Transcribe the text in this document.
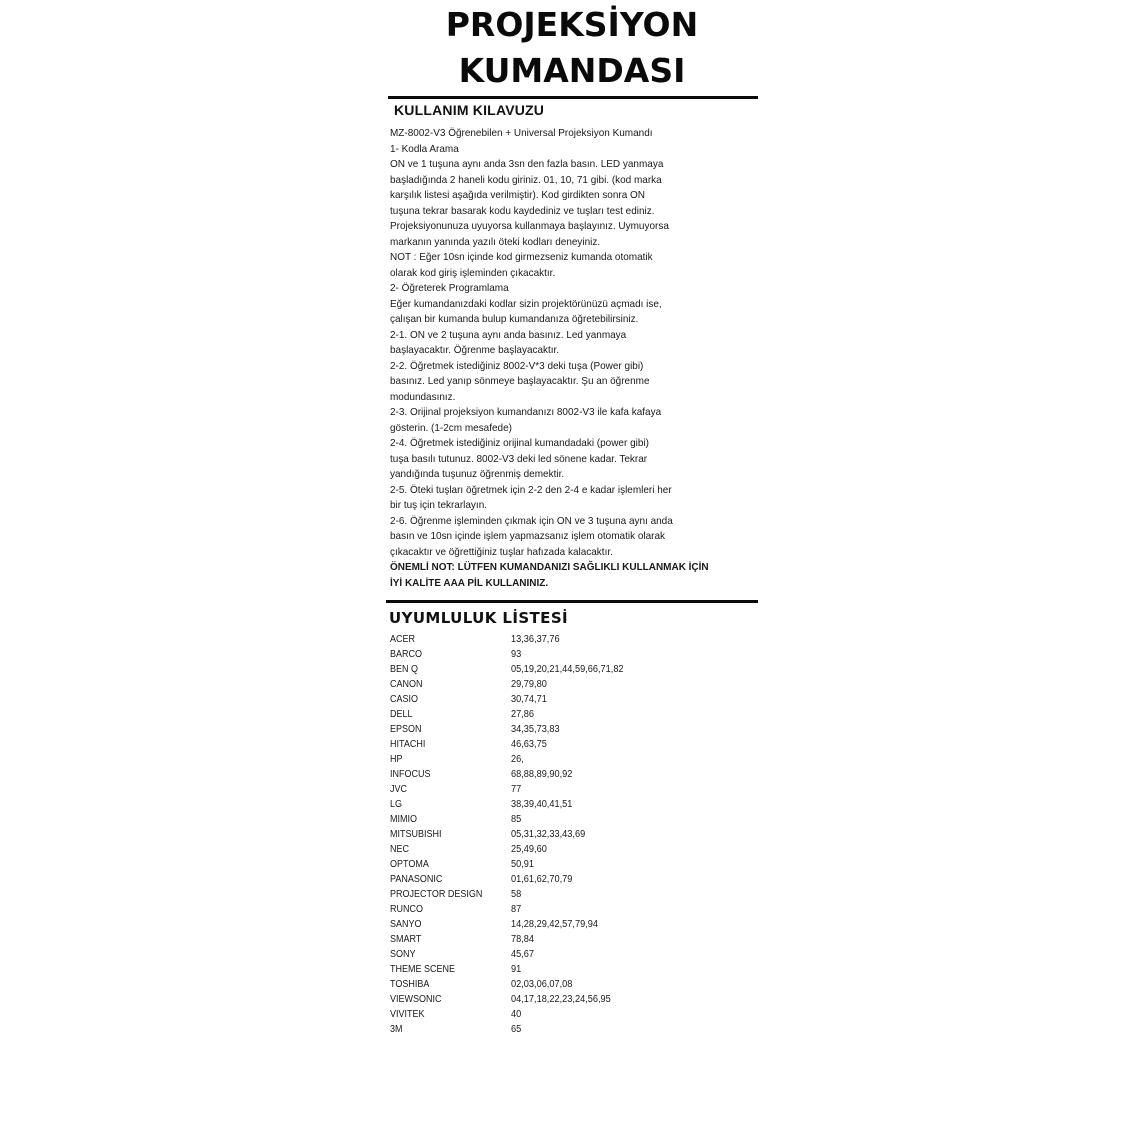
PROJEKSİYON
KUMANDASI
KULLANIM KILAVUZU
MZ-8002-V3 Öğrenebilen + Universal Projeksiyon Kumandı
1- Kodla Arama
ON ve 1 tuşuna aynı anda 3sn den fazla basın. LED yanmaya
başladığında 2 haneli kodu giriniz. 01, 10, 71 gibi. (kod marka
karşılık listesi aşağıda verilmiştir). Kod girdikten sonra ON
tuşuna tekrar basarak kodu kaydediniz ve tuşları test ediniz.
Projeksiyonunuza uyuyorsa kullanmaya başlayınız. Uymuyorsa
markanın yanında yazılı öteki kodları deneyiniz.
NOT : Eğer 10sn içinde kod girmezseniz kumanda otomatik
olarak kod giriş işleminden çıkacaktır.
2- Öğreterek Programlama
Eğer kumandanızdaki kodlar sizin projektörünüzü açmadı ise,
çalışan bir kumanda bulup kumandanıza öğretebilirsiniz.
2-1. ON ve 2 tuşuna aynı anda basınız. Led yanmaya
başlayacaktır. Öğrenme başlayacaktır.
2-2. Öğretmek istediğiniz 8002-V*3 deki tuşa (Power gibi)
basınız. Led yanıp sönmeye başlayacaktır. Şu an öğrenme
modundasınız.
2-3. Orijinal projeksiyon kumandanızı 8002-V3 ile kafa kafaya
gösterin. (1-2cm mesafede)
2-4. Öğretmek istediğiniz orijinal kumandadaki (power gibi)
tuşa basılı tutunuz. 8002-V3 deki led sönene kadar. Tekrar
yandığında tuşunuz öğrenmiş demektir.
2-5. Öteki tuşları öğretmek için 2-2 den 2-4 e kadar işlemleri her
bir tuş için tekrarlayın.
2-6. Öğrenme işleminden çıkmak için ON ve 3 tuşuna aynı anda
basın ve 10sn içinde işlem yapmazsanız işlem otomatik olarak
çıkacaktır ve öğrettiğiniz tuşlar hafızada kalacaktır.
ÖNEMLİ NOT: LÜTFEN KUMANDANIZI SAĞLIKLI KULLANMAK İÇİN
İYİ KALİTE AAA PİL KULLANINIZ.
UYUMLULUK LİSTESİ
ACER	13,36,37,76
BARCO	93
BEN Q	05,19,20,21,44,59,66,71,82
CANON	29,79,80
CASIO	30,74,71
DELL	27,86
EPSON	34,35,73,83
HITACHI	46,63,75
HP	26,
INFOCUS	68,88,89,90,92
JVC	77
LG	38,39,40,41,51
MIMIO	85
MITSUBISHI	05,31,32,33,43,69
NEC	25,49,60
OPTOMA	50,91
PANASONIC	01,61,62,70,79
PROJECTOR DESIGN	58
RUNCO	87
SANYO	14,28,29,42,57,79,94
SMART	78,84
SONY	45,67
THEME SCENE	91
TOSHIBA	02,03,06,07,08
VIEWSONIC	04,17,18,22,23,24,56,95
VIVITEK	40
3M	65
